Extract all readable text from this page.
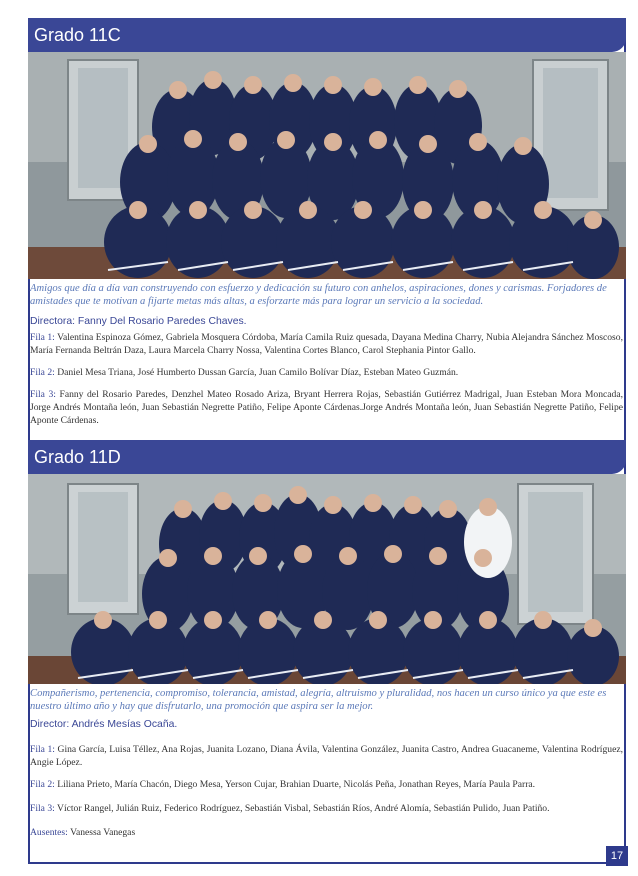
Grado 11C
Amigos que día a día van construyendo con esfuerzo y dedicación su futuro con anhelos, aspiraciones, dones y carismas. Forjadores de amistades que te motivan a fijarte metas más altas, a esforzarte más para lograr un servicio a la sociedad.
Directora: Fanny Del Rosario Paredes Chaves.
Fila 1: Valentina Espinoza Gómez, Gabriela Mosquera Córdoba, María Camila Ruiz quesada, Dayana Medina Charry, Nubia Alejandra Sánchez Moscoso, María Fernanda Beltrán Daza, Laura Marcela Charry Nossa, Valentina Cortes Blanco, Carol Stephania Pintor Gallo.
Fila 2: Daniel Mesa Triana, José Humberto Dussan García, Juan Camilo Bolívar Díaz, Esteban Mateo Guzmán.
Fila 3: Fanny del Rosario Paredes, Denzhel Mateo Rosado Ariza, Bryant Herrera Rojas, Sebastián Gutiérrez Madrigal, Juan Esteban Mora Moncada, Jorge Andrés Montaña león, Juan Sebastián Negrette Patiño, Felipe Aponte Cárdenas.Jorge Andrés Montaña león, Juan Sebastián Negrette Patiño, Felipe Aponte Cárdenas.
Grado 11D
Compañerismo, pertenencia, compromiso, tolerancia, amistad, alegría, altruismo y pluralidad, nos hacen un curso único ya que este es nuestro último año y hay que disfrutarlo, una promoción que aspira ser la mejor.
Director: Andrés Mesías Ocaña.
Fila 1: Gina García, Luisa Téllez, Ana Rojas, Juanita Lozano, Diana Ávila, Valentina González, Juanita Castro, Andrea Guacaneme, Valentina Rodríguez, Angie López.
Fila 2: Liliana Prieto, María Chacón, Diego Mesa, Yerson Cujar, Brahian Duarte, Nicolás Peña, Jonathan Reyes, María Paula Parra.
Fila 3: Víctor Rangel, Julián Ruiz, Federico Rodríguez, Sebastián Visbal, Sebastián Ríos, André Alomía, Sebastián Pulido, Juan Patiño.
Ausentes: Vanessa Vanegas
17
